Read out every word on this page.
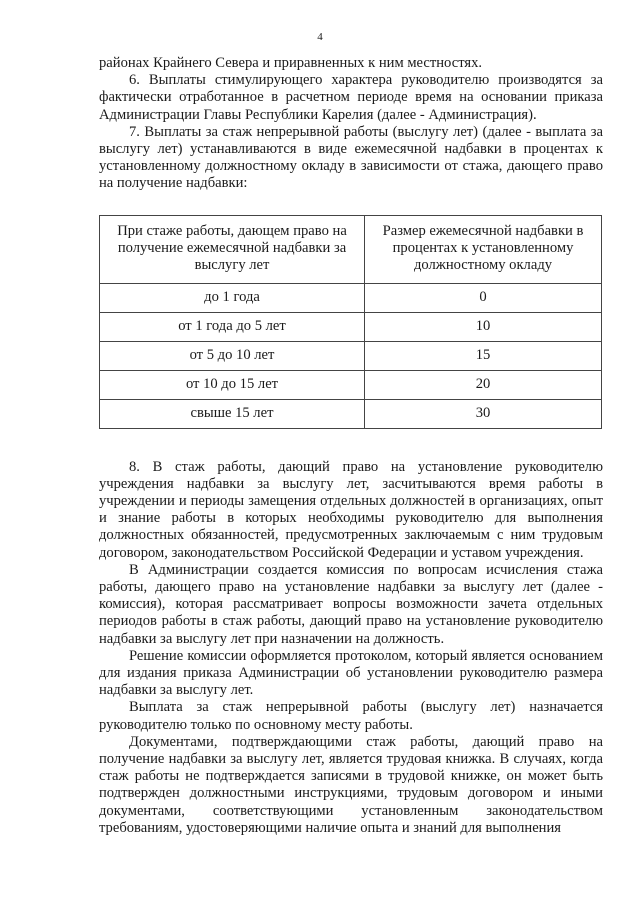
4

районах Крайнего Севера и приравненных к ним местностях.

6. Выплаты стимулирующего характера руководителю производятся за фактически отработанное в расчетном периоде время на основании приказа Администрации Главы Республики Карелия (далее - Администрация).

7. Выплаты за стаж непрерывной работы (выслугу лет) (далее - выплата за выслугу лет) устанавливаются в виде ежемесячной надбавки в процентах к установленному должностному окладу в зависимости от стажа, дающего право на получение надбавки:

При стаже работы, дающем право на получение ежемесячной надбавки за выслугу лет	Размер ежемесячной надбавки в процентах к установленному должностному окладу
до 1 года	0
от 1 года до 5 лет	10
от 5 до 10 лет	15
от 10 до 15 лет	20
свыше 15 лет	30

8. В стаж работы, дающий право на установление руководителю учреждения надбавки за выслугу лет, засчитываются время работы в учреждении и периоды замещения отдельных должностей в организациях, опыт и знание работы в которых необходимы руководителю для выполнения должностных обязанностей, предусмотренных заключаемым с ним трудовым договором, законодательством Российской Федерации и уставом учреждения.

В Администрации создается комиссия по вопросам исчисления стажа работы, дающего право на установление надбавки за выслугу лет (далее - комиссия), которая рассматривает вопросы возможности зачета отдельных периодов работы в стаж работы, дающий право на установление руководителю надбавки за выслугу лет при назначении на должность.

Решение комиссии оформляется протоколом, который является основанием для издания приказа Администрации об установлении руководителю размера надбавки за выслугу лет.

Выплата за стаж непрерывной работы (выслугу лет) назначается руководителю только по основному месту работы.

Документами, подтверждающими стаж работы, дающий право на получение надбавки за выслугу лет, является трудовая книжка. В случаях, когда стаж работы не подтверждается записями в трудовой книжке, он может быть подтвержден должностными инструкциями, трудовым договором и иными документами, соответствующими установленным законодательством требованиям, удостоверяющими наличие опыта и знаний для выполнения
